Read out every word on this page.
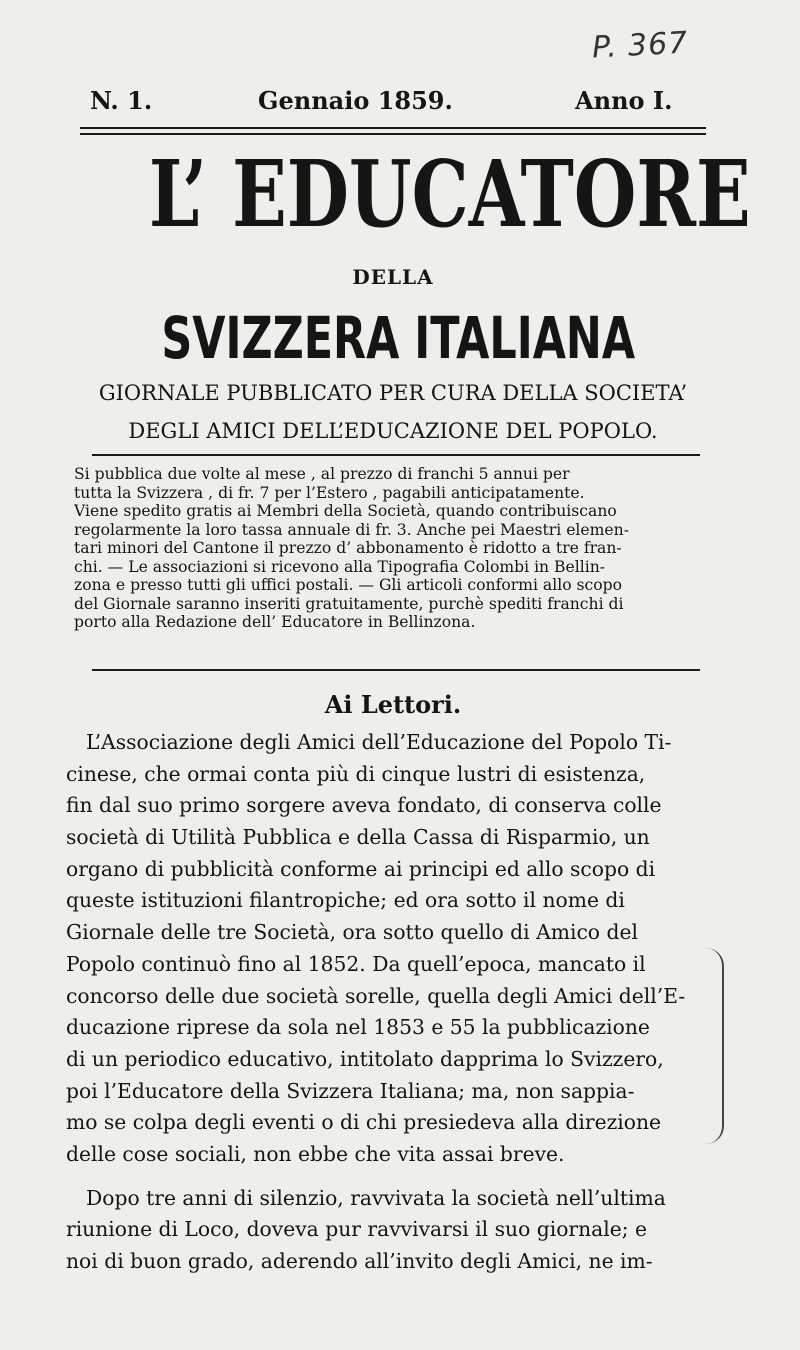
P. 367
N. 1.	Gennaio 1859.	Anno I.
L’ EDUCATORE
DELLA
SVIZZERA ITALIANA
GIORNALE PUBBLICATO PER CURA DELLA SOCIETA’
DEGLI AMICI DELL’EDUCAZIONE DEL POPOLO.
Si pubblica due volte al mese , al prezzo di franchi 5 annui per
tutta la Svizzera , di fr. 7 per l’Estero , pagabili anticipatamente.
Viene spedito gratis ai Membri della Società, quando contribuiscano
regolarmente la loro tassa annuale di fr. 3. Anche pei Maestri elemen-
tari minori del Cantone il prezzo d’ abbonamento è ridotto a tre fran-
chi. — Le associazioni si ricevono alla Tipografia Colombi in Bellin-
zona e presso tutti gli uffici postali. — Gli articoli conformi allo scopo
del Giornale saranno inseriti gratuitamente, purchè spediti franchi di
porto alla Redazione dell’ Educatore in Bellinzona.
Ai Lettori.
L’Associazione degli Amici dell’Educazione del Popolo Ti-
cinese, che ormai conta più di cinque lustri di esistenza,
fin dal suo primo sorgere aveva fondato, di conserva colle
società di Utilità Pubblica e della Cassa di Risparmio, un
organo di pubblicità conforme ai principi ed allo scopo di
queste istituzioni filantropiche; ed ora sotto il nome di
Giornale delle tre Società, ora sotto quello di Amico del
Popolo continuò fino al 1852. Da quell’epoca, mancato il
concorso delle due società sorelle, quella degli Amici dell’E-
ducazione riprese da sola nel 1853 e 55 la pubblicazione
di un periodico educativo, intitolato dapprima lo Svizzero,
poi l’Educatore della Svizzera Italiana; ma, non sappia-
mo se colpa degli eventi o di chi presiedeva alla direzione
delle cose sociali, non ebbe che vita assai breve.
Dopo tre anni di silenzio, ravvivata la società nell’ultima
riunione di Loco, doveva pur ravvivarsi il suo giornale; e
noi di buon grado, aderendo all’invito degli Amici, ne im-
